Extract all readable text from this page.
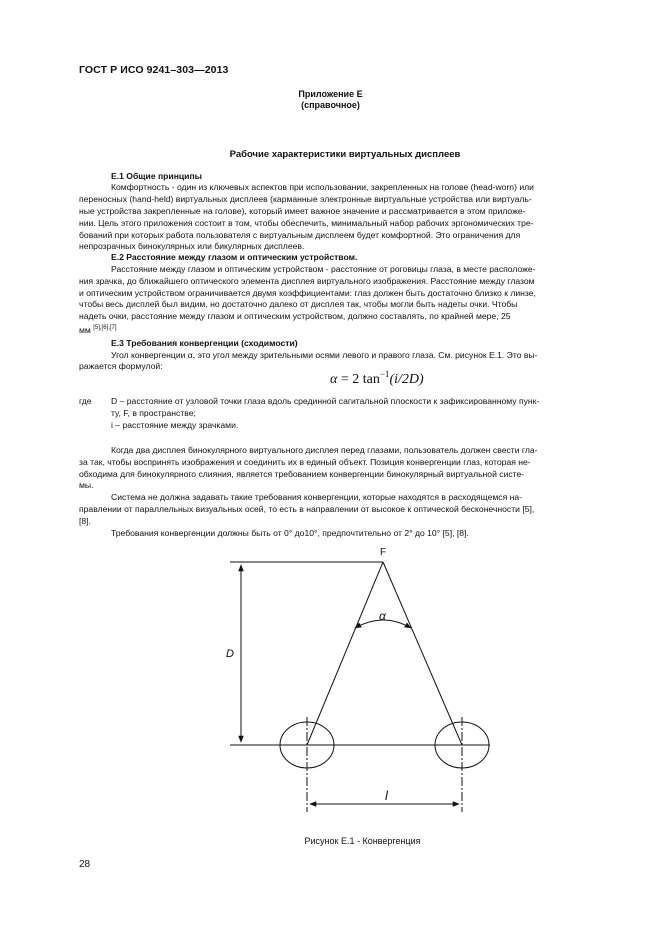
ГОСТ Р ИСО 9241–303—2013
Приложение Е
(справочное)
Рабочие характеристики виртуальных дисплеев
Е.1 Общие принципы
Комфортность - один из ключевых аспектов при использовании, закрепленных на голове (head-worn) или
переносных (hand-held) виртуальных дисплеев (карманные электронные виртуальные устройства или виртуаль-
ные устройства закрепленные на голове), который имеет важное значение и рассматривается в этом приложе-
нии. Цель этого приложения состоит в том, чтобы обеспечить, минимальный набор рабочих эргономических тре-
бований при которых работа пользователя с виртуальным дисплеем будет комфортной. Это ограничения для
непрозрачных бинокулярных или бикулярных дисплеев.
Е.2 Расстояние между глазом и оптическим устройством.
Расстояние между глазом и оптическим устройством - расстояние от роговицы глаза, в месте расположе-
ния зрачка, до ближайшего оптического элемента дисплея виртуального изображения. Расстояние между глазом
и оптическим устройством ограничивается двумя коэффициентами: глаз должен быть достаточно близко к линзе,
чтобы весь дисплей был видим, но достаточно далеко от дисплея так, чтобы могли быть надеты очки. Чтобы
надеть очки, расстояние между глазом и оптическим устройством, должно составлять, по крайней мере, 25
мм [5],[6],[7]
Е.3 Требования конвергенции (сходимости)
Угол конвергенции α, это угол между зрительными осями левого и правого глаза. См. рисунок Е.1. Это вы-
ражается формулой:
α = 2 $\tan^{-1}(i/2D)$
где D – расстояние от узловой точки глаза вдоль срединной сагитальной плоскости к зафиксированному пунк-
ту, F, в пространстве;
i – расстояние между зрачками.
Когда два дисплея бинокулярного виртуального дисплея перед глазами, пользователь должен свести гла-
за так, чтобы воспринять изображения и соединить их в единый объект. Позиция конвергенции глаз, которая не-
обходима для бинокулярного слияния, является требованием конвергенции бинокулярный виртуальной систе-
мы.
Система не должна задавать такие требования конвергенции, которые находятся в расходящемся на-
правлении от параллельных визуальных осей, то есть в направлении от высокое к оптической бесконечности [5],
[8].
Требования конвергенции должны быть от 0° до10°, предпочтительно от 2° до 10° [5], [8].
F
α
D
l
Рисунок Е.1 - Конвергенция
28
